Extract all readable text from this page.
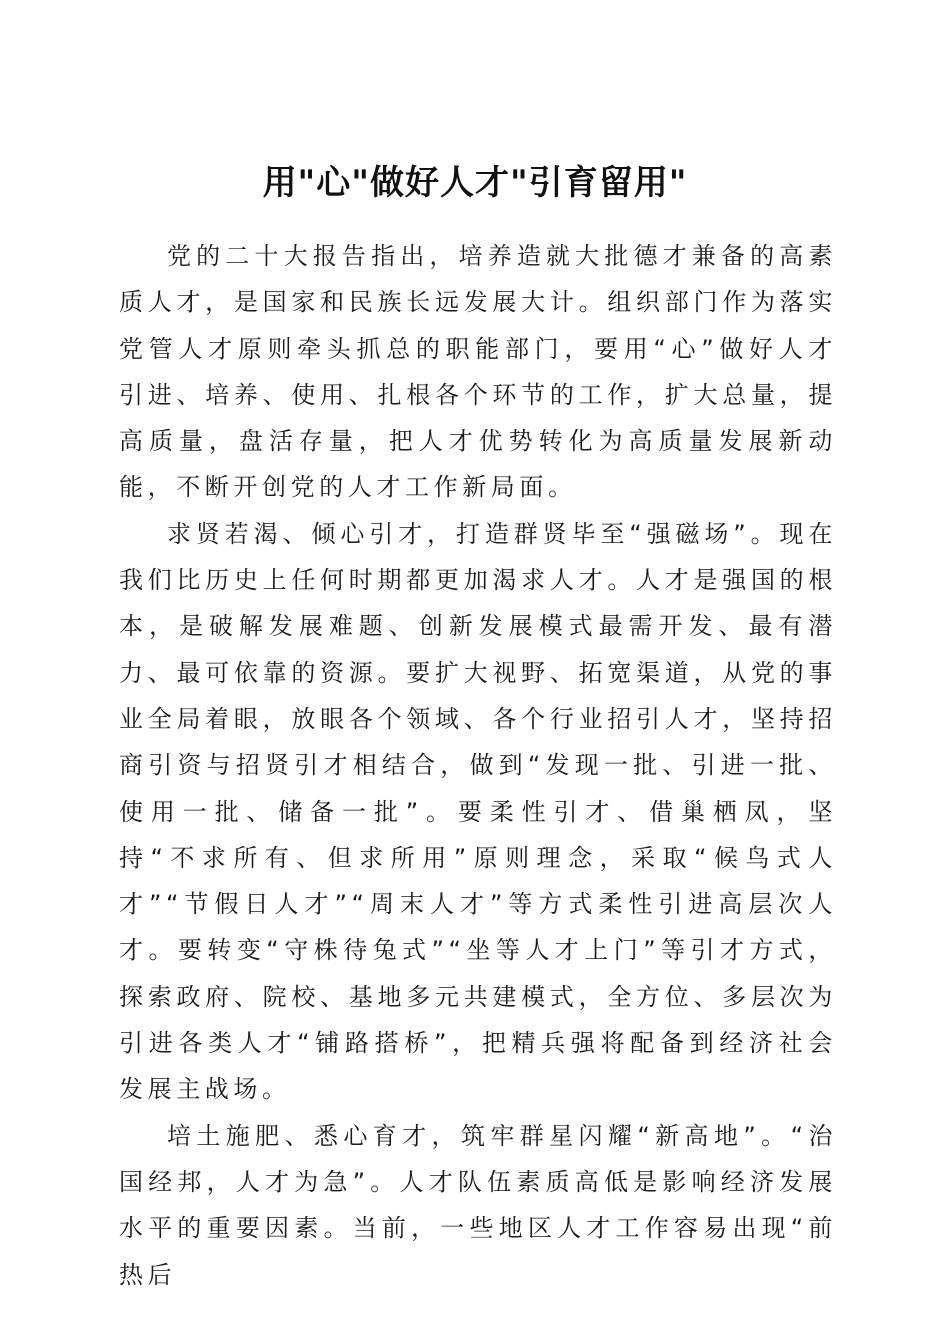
用"心"做好人才"引育留用"

党的二十大报告指出，培养造就大批德才兼备的高素质人才，是国家和民族长远发展大计。组织部门作为落实党管人才原则牵头抓总的职能部门，要用“心”做好人才引进、培养、使用、扎根各个环节的工作，扩大总量，提高质量，盘活存量，把人才优势转化为高质量发展新动能，不断开创党的人才工作新局面。

求贤若渴、倾心引才，打造群贤毕至“强磁场”。现在我们比历史上任何时期都更加渴求人才。人才是强国的根本，是破解发展难题、创新发展模式最需开发、最有潜力、最可依靠的资源。要扩大视野、拓宽渠道，从党的事业全局着眼，放眼各个领域、各个行业招引人才，坚持招商引资与招贤引才相结合，做到“发现一批、引进一批、使用一批、储备一批”。要柔性引才、借巢栖凤，坚持“不求所有、但求所用”原则理念，采取“候鸟式人才”“节假日人才”“周末人才”等方式柔性引进高层次人才。要转变“守株待兔式”“坐等人才上门”等引才方式，探索政府、院校、基地多元共建模式，全方位、多层次为引进各类人才“铺路搭桥”，把精兵强将配备到经济社会发展主战场。

培土施肥、悉心育才，筑牢群星闪耀“新高地”。“治国经邦，人才为急”。人才队伍素质高低是影响经济发展水平的重要因素。当前，一些地区人才工作容易出现“前热后
